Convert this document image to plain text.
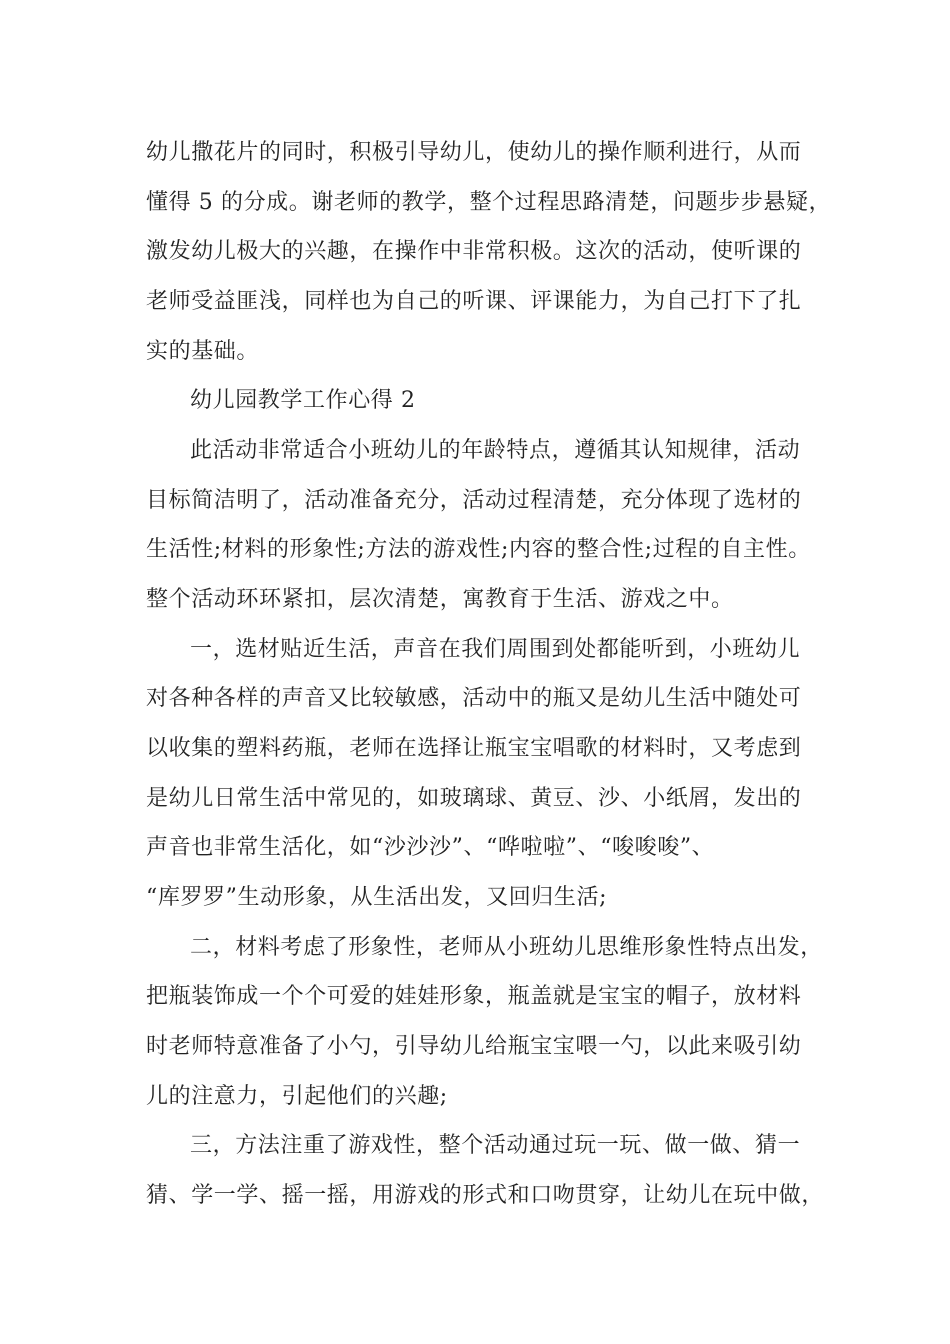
幼儿撒花片的同时，积极引导幼儿，使幼儿的操作顺利进行，从而
懂得 5 的分成。谢老师的教学，整个过程思路清楚，问题步步悬疑，
激发幼儿极大的兴趣，在操作中非常积极。这次的活动，使听课的
老师受益匪浅，同样也为自己的听课、评课能力，为自己打下了扎
实的基础。
幼儿园教学工作心得 2
此活动非常适合小班幼儿的年龄特点，遵循其认知规律，活动
目标简洁明了，活动准备充分，活动过程清楚，充分体现了选材的
生活性;材料的形象性;方法的游戏性;内容的整合性;过程的自主性。
整个活动环环紧扣，层次清楚，寓教育于生活、游戏之中。
一，选材贴近生活，声音在我们周围到处都能听到，小班幼儿
对各种各样的声音又比较敏感，活动中的瓶又是幼儿生活中随处可
以收集的塑料药瓶，老师在选择让瓶宝宝唱歌的材料时，又考虑到
是幼儿日常生活中常见的，如玻璃球、黄豆、沙、小纸屑，发出的
声音也非常生活化，如“沙沙沙”、“哗啦啦”、“唆唆唆”、
“库罗罗”生动形象，从生活出发，又回归生活;
二，材料考虑了形象性，老师从小班幼儿思维形象性特点出发，
把瓶装饰成一个个可爱的娃娃形象，瓶盖就是宝宝的帽子，放材料
时老师特意准备了小勺，引导幼儿给瓶宝宝喂一勺，以此来吸引幼
儿的注意力，引起他们的兴趣;
三，方法注重了游戏性，整个活动通过玩一玩、做一做、猜一
猜、学一学、摇一摇，用游戏的形式和口吻贯穿，让幼儿在玩中做，
